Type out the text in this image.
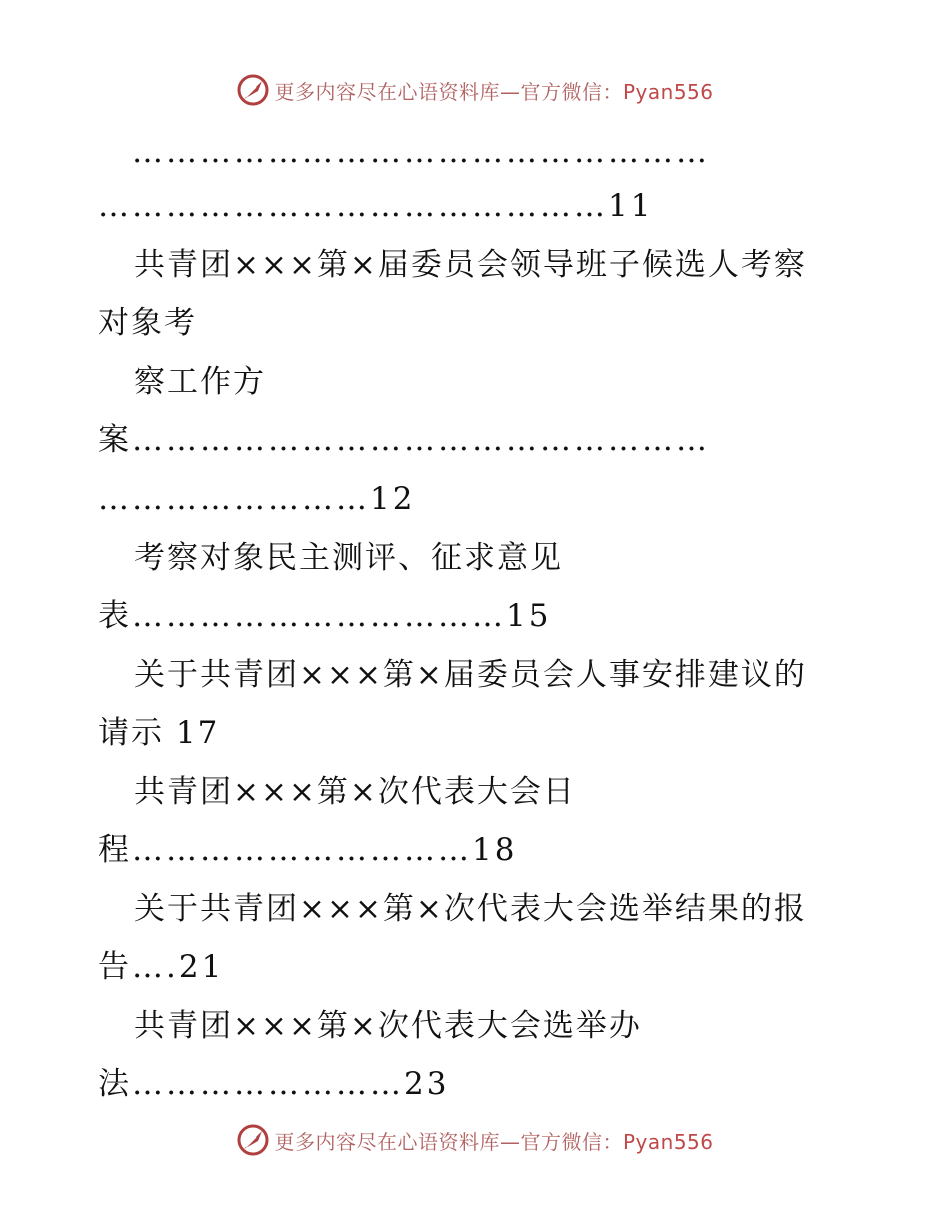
更多内容尽在心语资料库—官方微信：Pyan556
……………………………………………
………………………………………11
共青团×××第×届委员会领导班子候选人考察
对象考
察工作方
案……………………………………………
……………………12
考察对象民主测评、征求意见
表……………………………15
关于共青团×××第×届委员会人事安排建议的
请示 17
共青团×××第×次代表大会日
程…………………………18
关于共青团×××第×次代表大会选举结果的报
告….21
共青团×××第×次代表大会选举办
法……………………23
更多内容尽在心语资料库—官方微信：Pyan556
